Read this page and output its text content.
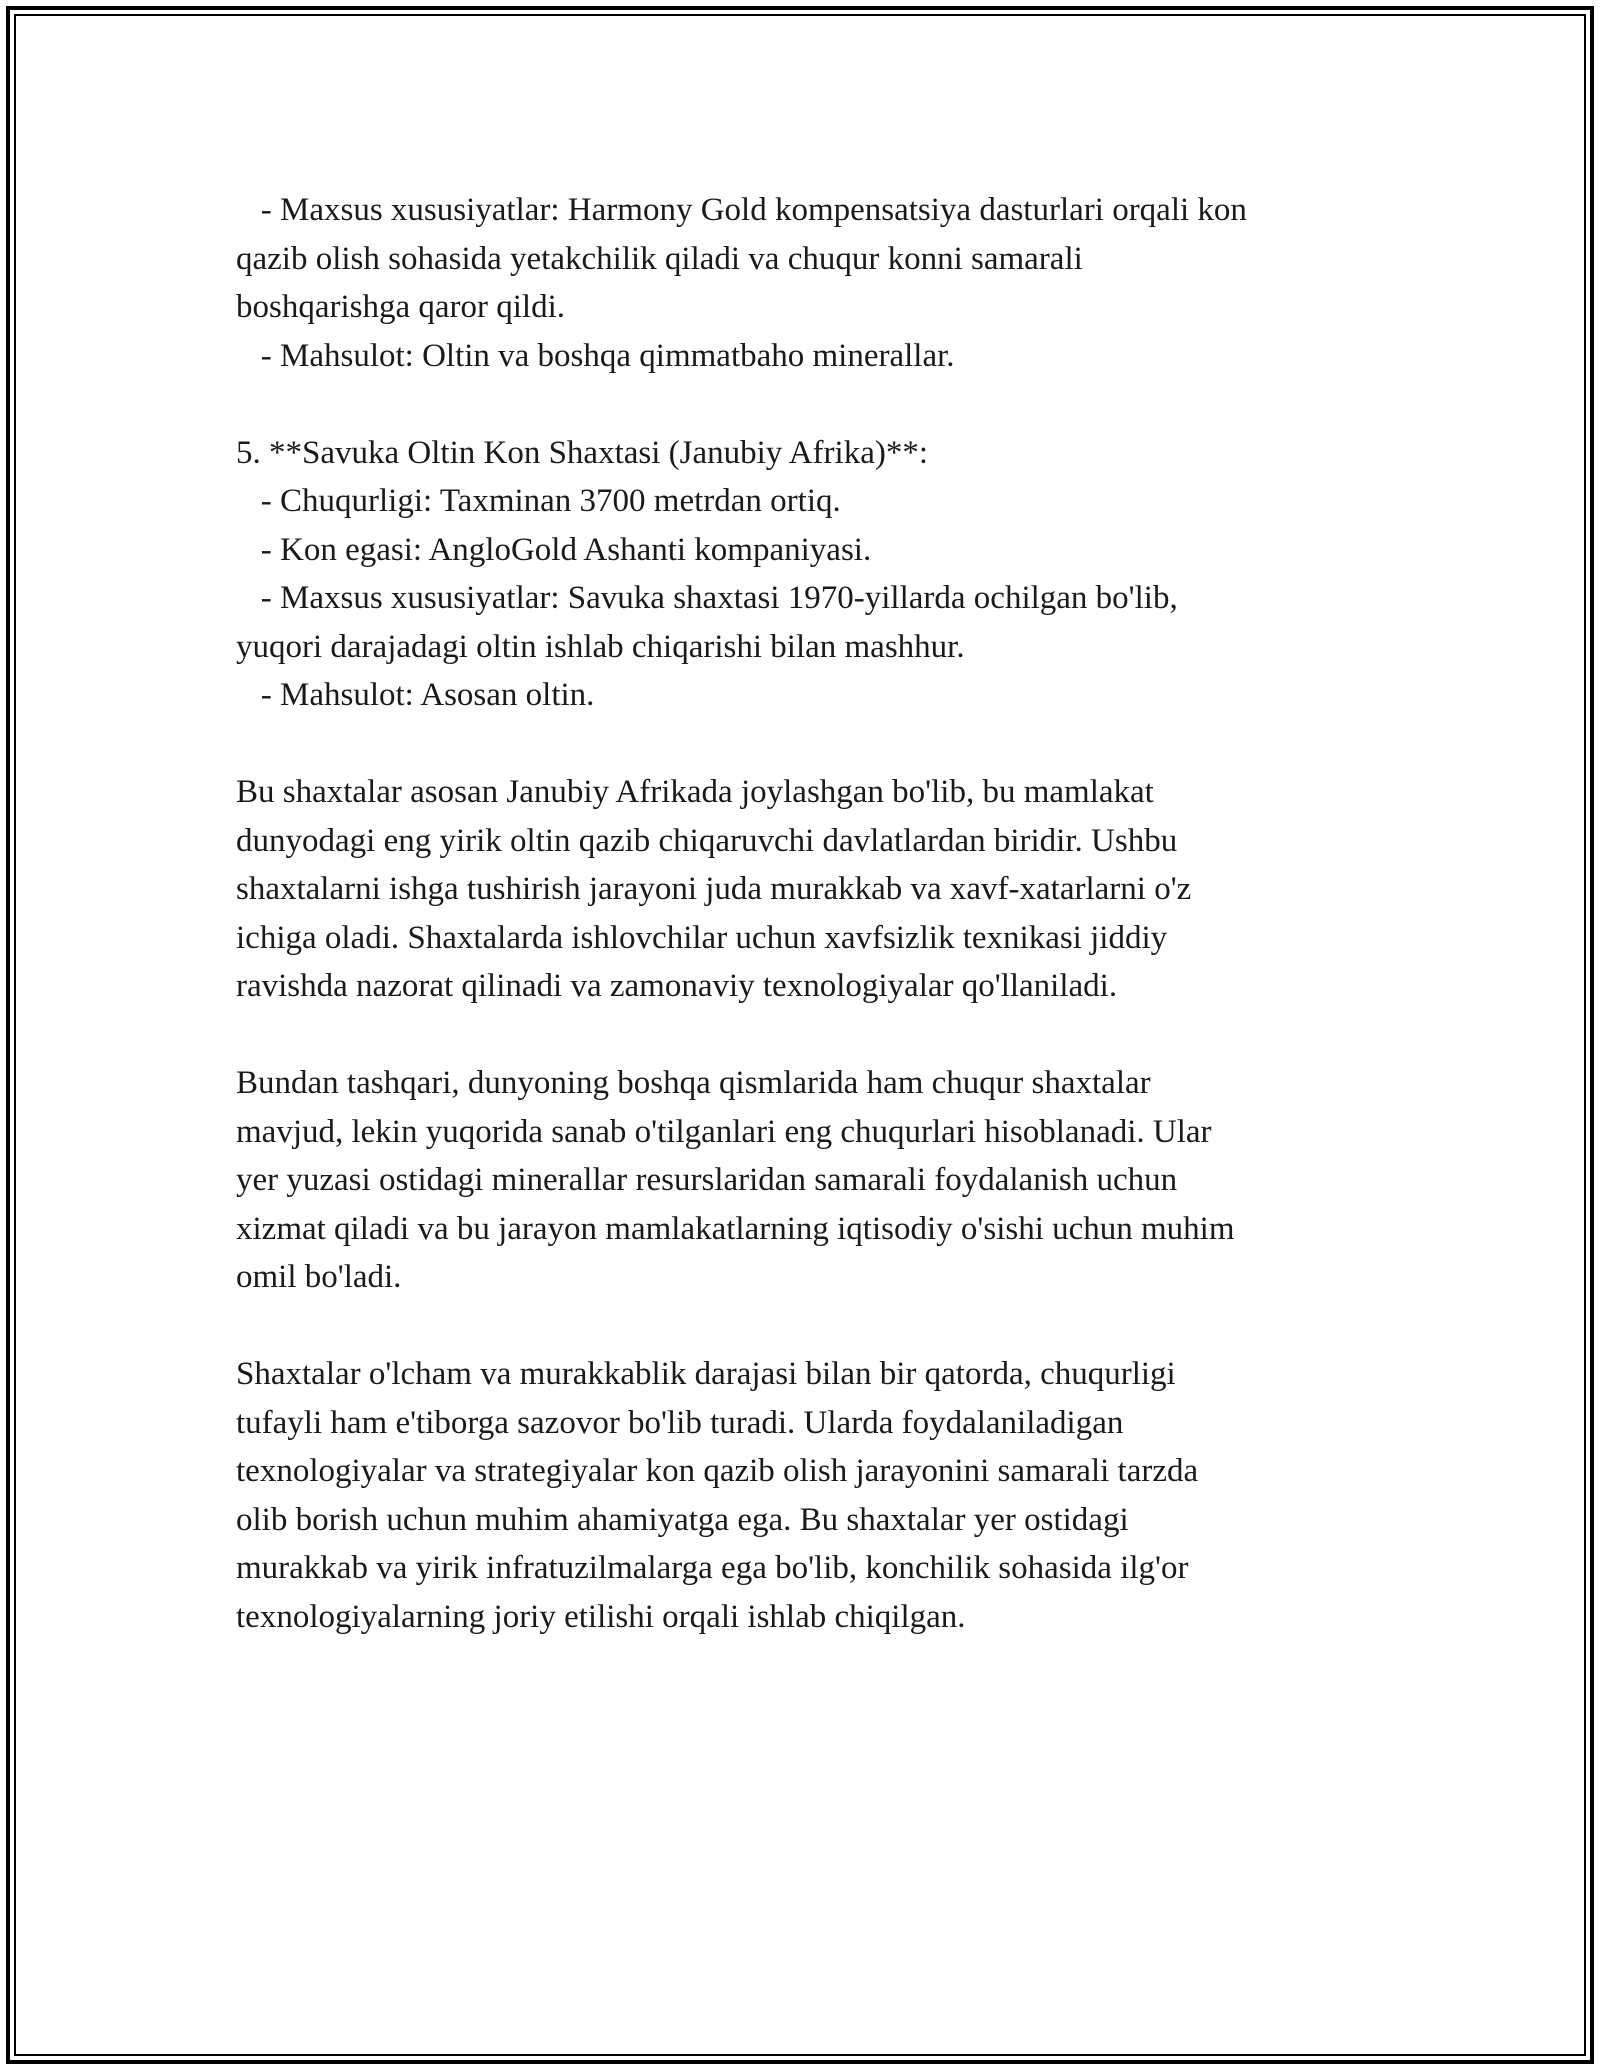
- Maxsus xususiyatlar: Harmony Gold kompensatsiya dasturlari orqali kon
qazib olish sohasida yetakchilik qiladi va chuqur konni samarali
boshqarishga qaror qildi.
- Mahsulot: Oltin va boshqa qimmatbaho minerallar.
5. **Savuka Oltin Kon Shaxtasi (Janubiy Afrika)**:
- Chuqurligi: Taxminan 3700 metrdan ortiq.
- Kon egasi: AngloGold Ashanti kompaniyasi.
- Maxsus xususiyatlar: Savuka shaxtasi 1970-yillarda ochilgan bo'lib,
yuqori darajadagi oltin ishlab chiqarishi bilan mashhur.
- Mahsulot: Asosan oltin.
Bu shaxtalar asosan Janubiy Afrikada joylashgan bo'lib, bu mamlakat
dunyodagi eng yirik oltin qazib chiqaruvchi davlatlardan biridir. Ushbu
shaxtalarni ishga tushirish jarayoni juda murakkab va xavf-xatarlarni o'z
ichiga oladi. Shaxtalarda ishlovchilar uchun xavfsizlik texnikasi jiddiy
ravishda nazorat qilinadi va zamonaviy texnologiyalar qo'llaniladi.
Bundan tashqari, dunyoning boshqa qismlarida ham chuqur shaxtalar
mavjud, lekin yuqorida sanab o'tilganlari eng chuqurlari hisoblanadi. Ular
yer yuzasi ostidagi minerallar resurslaridan samarali foydalanish uchun
xizmat qiladi va bu jarayon mamlakatlarning iqtisodiy o'sishi uchun muhim
omil bo'ladi.
Shaxtalar o'lcham va murakkablik darajasi bilan bir qatorda, chuqurligi
tufayli ham e'tiborga sazovor bo'lib turadi. Ularda foydalaniladigan
texnologiyalar va strategiyalar kon qazib olish jarayonini samarali tarzda
olib borish uchun muhim ahamiyatga ega. Bu shaxtalar yer ostidagi
murakkab va yirik infratuzilmalarga ega bo'lib, konchilik sohasida ilg'or
texnologiyalarning joriy etilishi orqali ishlab chiqilgan.
